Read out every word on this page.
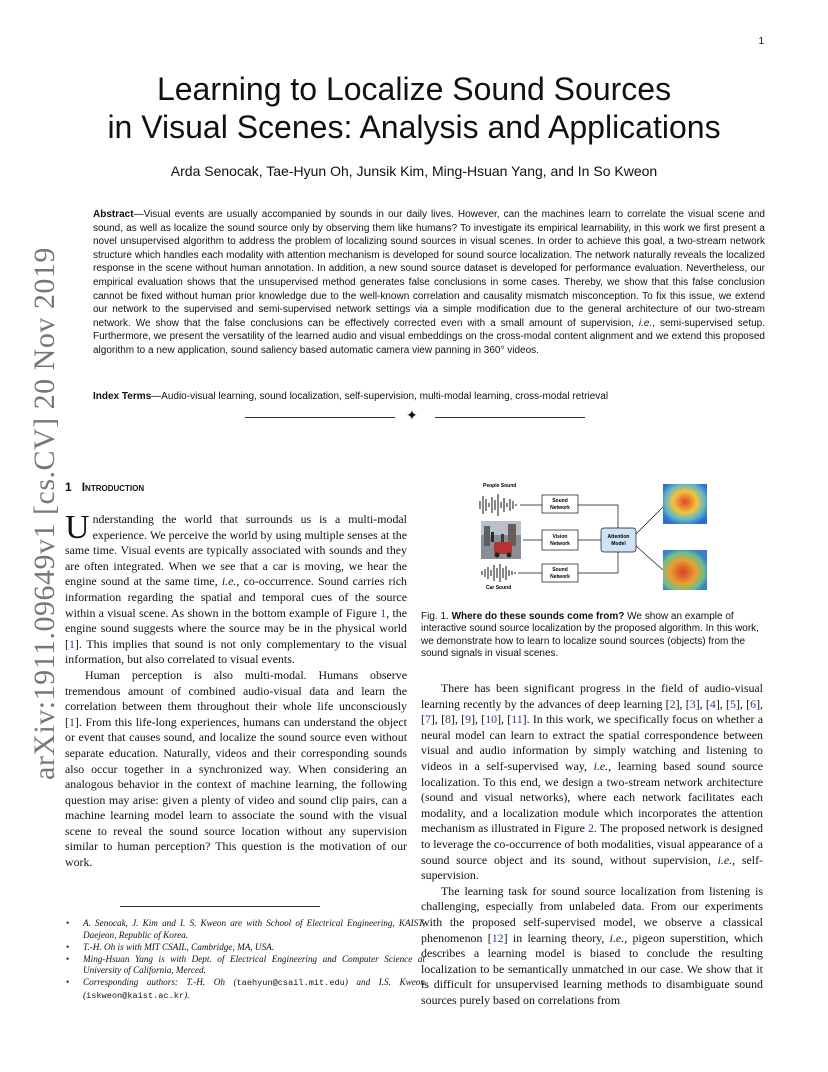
1
arXiv:1911.09649v1 [cs.CV] 20 Nov 2019
Learning to Localize Sound Sources
in Visual Scenes: Analysis and Applications
Arda Senocak, Tae-Hyun Oh, Junsik Kim, Ming-Hsuan Yang, and In So Kweon
Abstract—Visual events are usually accompanied by sounds in our daily lives. However, can the machines learn to correlate the visual scene and sound, as well as localize the sound source only by observing them like humans? To investigate its empirical learnability, in this work we first present a novel unsupervised algorithm to address the problem of localizing sound sources in visual scenes. In order to achieve this goal, a two-stream network structure which handles each modality with attention mechanism is developed for sound source localization. The network naturally reveals the localized response in the scene without human annotation. In addition, a new sound source dataset is developed for performance evaluation. Nevertheless, our empirical evaluation shows that the unsupervised method generates false conclusions in some cases. Thereby, we show that this false conclusion cannot be fixed without human prior knowledge due to the well-known correlation and causality mismatch misconception. To fix this issue, we extend our network to the supervised and semi-supervised network settings via a simple modification due to the general architecture of our two-stream network. We show that the false conclusions can be effectively corrected even with a small amount of supervision, i.e., semi-supervised setup. Furthermore, we present the versatility of the learned audio and visual embeddings on the cross-modal content alignment and we extend this proposed algorithm to a new application, sound saliency based automatic camera view panning in 360° videos.
Index Terms—Audio-visual learning, sound localization, self-supervision, multi-modal learning, cross-modal retrieval
✦
1 Introduction

Understanding the world that surrounds us is a multi-modal experience. We perceive the world by using multiple senses at the same time. Visual events are typically associated with sounds and they are often integrated. When we see that a car is moving, we hear the engine sound at the same time, i.e., co-occurrence. Sound carries rich information regarding the spatial and temporal cues of the source within a visual scene. As shown in the bottom example of Figure 1, the engine sound suggests where the source may be in the physical world [1]. This implies that sound is not only complementary to the visual information, but also correlated to visual events.

Human perception is also multi-modal. Humans observe tremendous amount of combined audio-visual data and learn the correlation between them throughout their whole life unconsciously [1]. From this life-long experiences, humans can understand the object or event that causes sound, and localize the sound source even without separate education. Naturally, videos and their corresponding sounds also occur together in a synchronized way. When considering an analogous behavior in the context of machine learning, the following question may arise: given a plenty of video and sound clip pairs, can a machine learning model learn to associate the sound with the visual scene to reveal the sound source location without any supervision similar to human perception? This question is the motivation of our work.

• A. Senocak, J. Kim and I. S. Kweon are with School of Electrical Engineering, KAIST, Daejeon, Republic of Korea.
• T.-H. Oh is with MIT CSAIL, Cambridge, MA, USA.
• Ming-Hsuan Yang is with Dept. of Electrical Engineering and Computer Science at University of California, Merced.
• Corresponding authors: T.-H. Oh (taehyun@csail.mit.edu) and I.S. Kweon (iskweon@kaist.ac.kr).
People Sound
Car Sound
Sound
Network
Vision
Network
Sound
Network
Attention
Model
Fig. 1. Where do these sounds come from? We show an example of interactive sound source localization by the proposed algorithm. In this work, we demonstrate how to learn to localize sound sources (objects) from the sound signals in visual scenes.

There has been significant progress in the field of audio-visual learning recently by the advances of deep learning [2], [3], [4], [5], [6], [7], [8], [9], [10], [11]. In this work, we specifically focus on whether a neural model can learn to extract the spatial correspondence between visual and audio information by simply watching and listening to videos in a self-supervised way, i.e., learning based sound source localization. To this end, we design a two-stream network architecture (sound and visual networks), where each network facilitates each modality, and a localization module which incorporates the attention mechanism as illustrated in Figure 2. The proposed network is designed to leverage the co-occurrence of both modalities, visual appearance of a sound source object and its sound, without supervision, i.e., self-supervision.

The learning task for sound source localization from listening is challenging, especially from unlabeled data. From our experiments with the proposed self-supervised model, we observe a classical phenomenon [12] in learning theory, i.e., pigeon superstition, which describes a learning model is biased to conclude the resulting localization to be semantically unmatched in our case. We show that it is difficult for unsupervised learning methods to disambiguate sound sources purely based on correlations from
